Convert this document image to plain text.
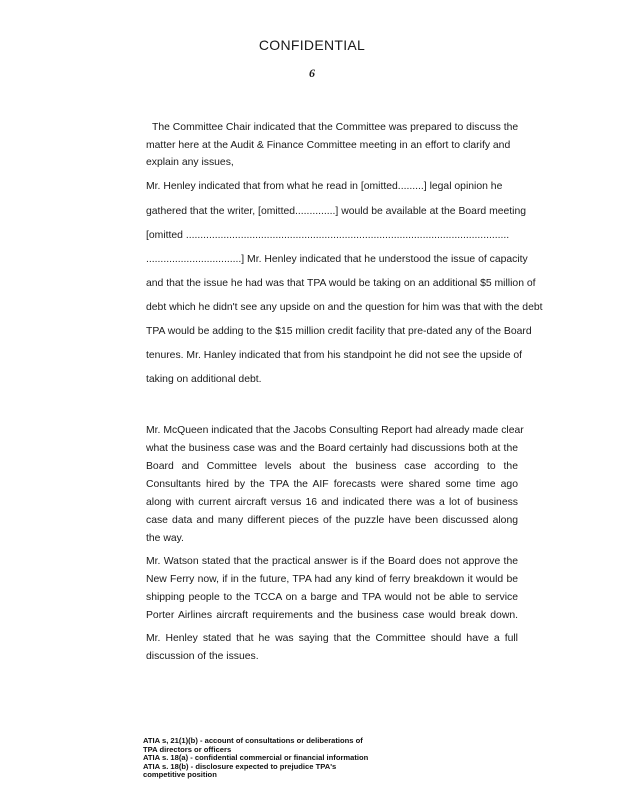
CONFIDENTIAL
6
The Committee Chair indicated that the Committee was prepared to discuss the
matter here at the Audit & Finance Committee meeting in an effort to clarify and
explain any issues,
Mr. Henley indicated that from what he read in [omitted.........] legal opinion he
gathered that the writer, [omitted..............] would be available at the Board meeting
[omitted ................................................................................................................
.................................] Mr. Henley indicated that he understood the issue of capacity
and that the issue he had was that TPA would be taking on an additional $5 million of
debt which he didn't see any upside on and the question for him was that with the debt
TPA would be adding to the $15 million credit facility that pre-dated any of the Board
tenures. Mr. Hanley indicated that from his standpoint he did not see the upside of
taking on additional debt.
Mr. McQueen indicated that the Jacobs Consulting Report had already made clear
what the business case was and the Board certainly had discussions both at the
Board and Committee levels about the business case according to the
Consultants hired by the TPA the AIF forecasts were shared some time ago
along with current aircraft versus 16 and indicated there was a lot of business
case data and many different pieces of the puzzle have been discussed along
the way.
Mr. Watson stated that the practical answer is if the Board does not approve the
New Ferry now, if in the future, TPA had any kind of ferry breakdown it would be
shipping people to the TCCA on a barge and TPA would not be able to service
Porter Airlines aircraft requirements and the business case would break down.
Mr. Henley stated that he was saying that the Committee should have a full
discussion of the issues.
ATIA s, 21(1)(b) - account of consultations or deliberations of
TPA directors or officers
ATIA s. 18(a) - confidential commercial or financial information
ATIA s. 18(b) - disclosure expected to prejudice TPA's
competitive position
